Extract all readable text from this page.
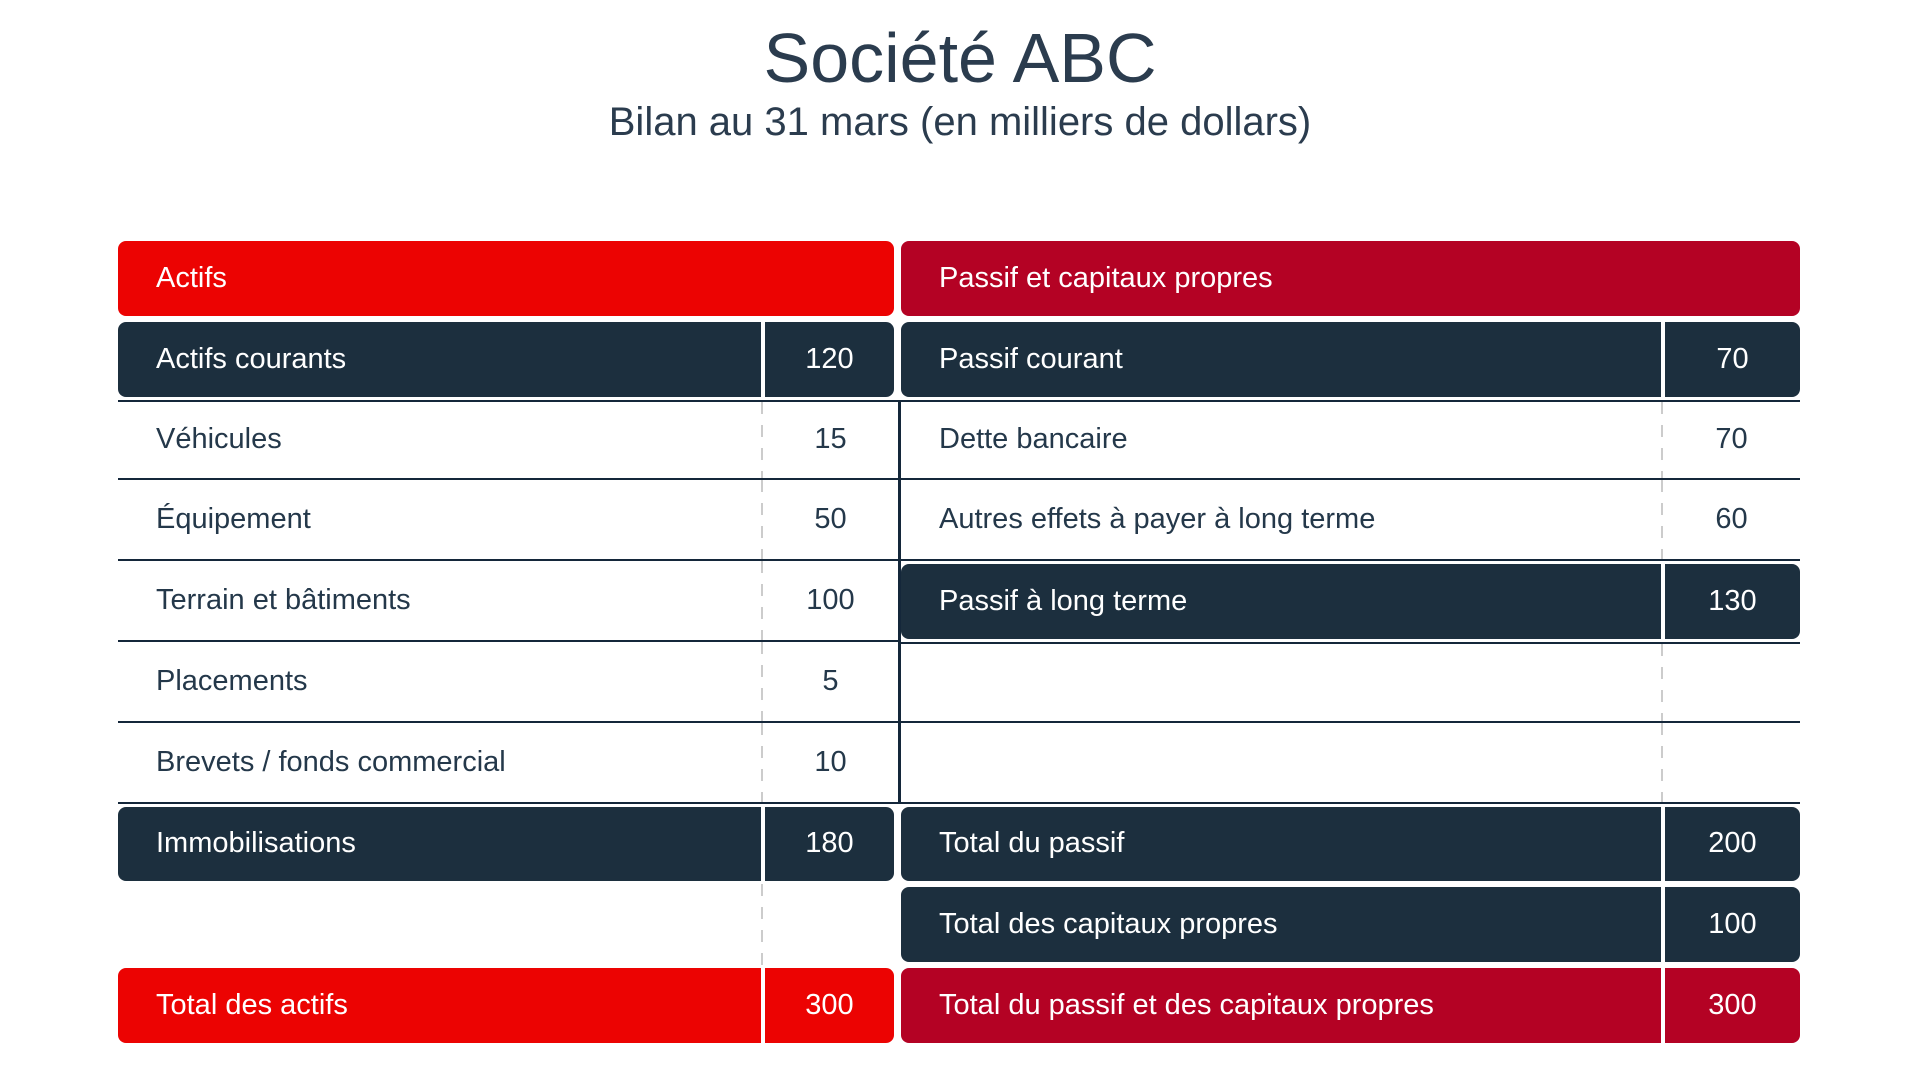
Société ABC
Bilan au 31 mars (en milliers de dollars)
Actifs
Actifs courants	120
Véhicules	15
Équipement	50
Terrain et bâtiments	100
Placements	5
Brevets / fonds commercial	10
Immobilisations	180
Total des actifs	300
Passif et capitaux propres
Passif courant	70
Dette bancaire	70
Autres effets à payer à long terme	60
Passif à long terme	130
Total du passif	200
Total des capitaux propres	100
Total du passif et des capitaux propres	300
